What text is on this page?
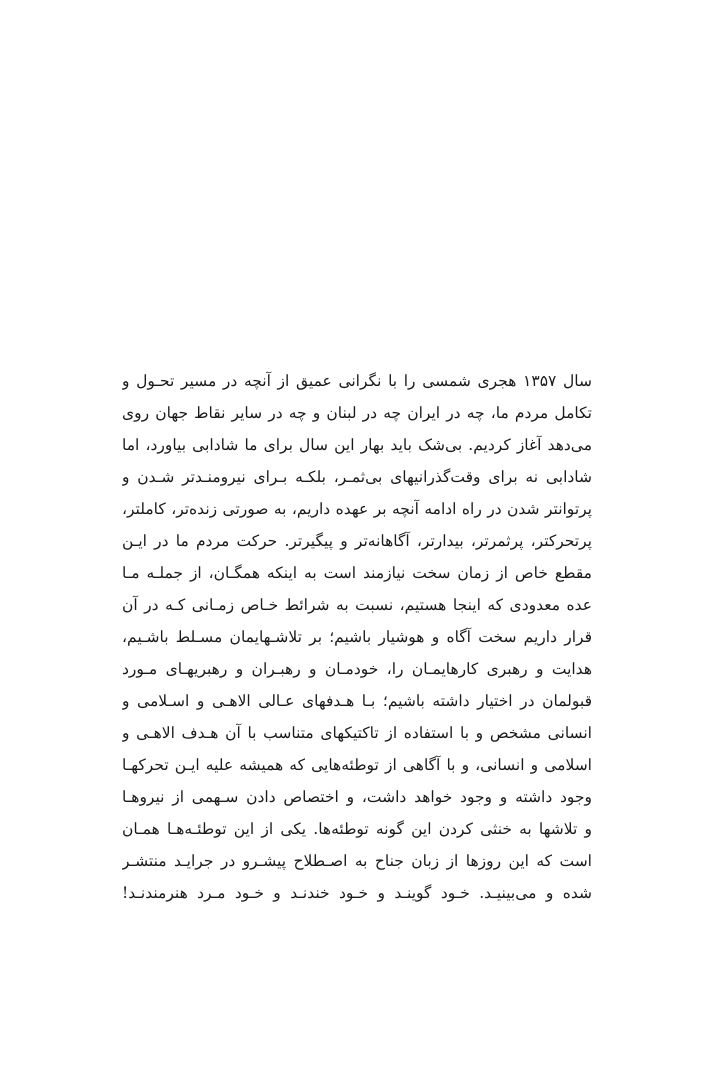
سال ۱۳۵۷ هجری شمسی را با نگرانی عمیق از آنچه در مسیر تحـول و
تکامل مردم ما، چه در ایران چه در لبنان و چه در سایر نقاط جهان روی
می‌دهد آغاز کردیم. بی‌شک باید بهار این سال برای ما شادابی بیاورد، اما
شادابی نه برای وقت‌گذرانیهای بی‌ثمـر، بلکـه بـرای نیرومنـدتر شـدن و
پرتوانتر شدن در راه ادامه آنچه بر عهده داریم، به صورتی زنده‌تر، کاملتر،
پرتحرکتر، پرثمرتر، بیدارتر، آگاهانه‌تر و پیگیرتر. حرکت مردم ما در ایـن
مقطع خاص از زمان سخت نیازمند است به اینکه همگـان، از جملـه مـا
عده معدودی که اینجا هستیم، نسبت به شرائط خـاص زمـانی کـه در آن
قرار داریم سخت آگاه و هوشیار باشیم؛ بر تلاشـهایمان مسـلط باشـیم،
هدایت و رهبری کارهایمـان را، خودمـان و رهبـران و رهبریهـای مـورد
قبولمان در اختیار داشته باشیم؛ بـا هـدفهای عـالی الاهـی و اسـلامی و
انسانی مشخص و با استفاده از تاکتیکهای متناسب با آن هـدف الاهـی و
اسلامی و انسانی، و با آگاهی از توطئه‌هایی که همیشه علیه ایـن تحرکهـا
وجود داشته و وجود خواهد داشت، و اختصاص دادن سـهمی از نیروهـا
و تلاشها به خنثی کردن این گونه توطئه‌ها. یکی از این توطئـه‌هـا همـان
است که این روزها از زبان جناح به اصـطلاح پیشـرو در جرایـد منتشـر
شده و می‌بینیـد. خـود گوینـد و خـود خندنـد و خـود مـرد هنرمندنـد!
